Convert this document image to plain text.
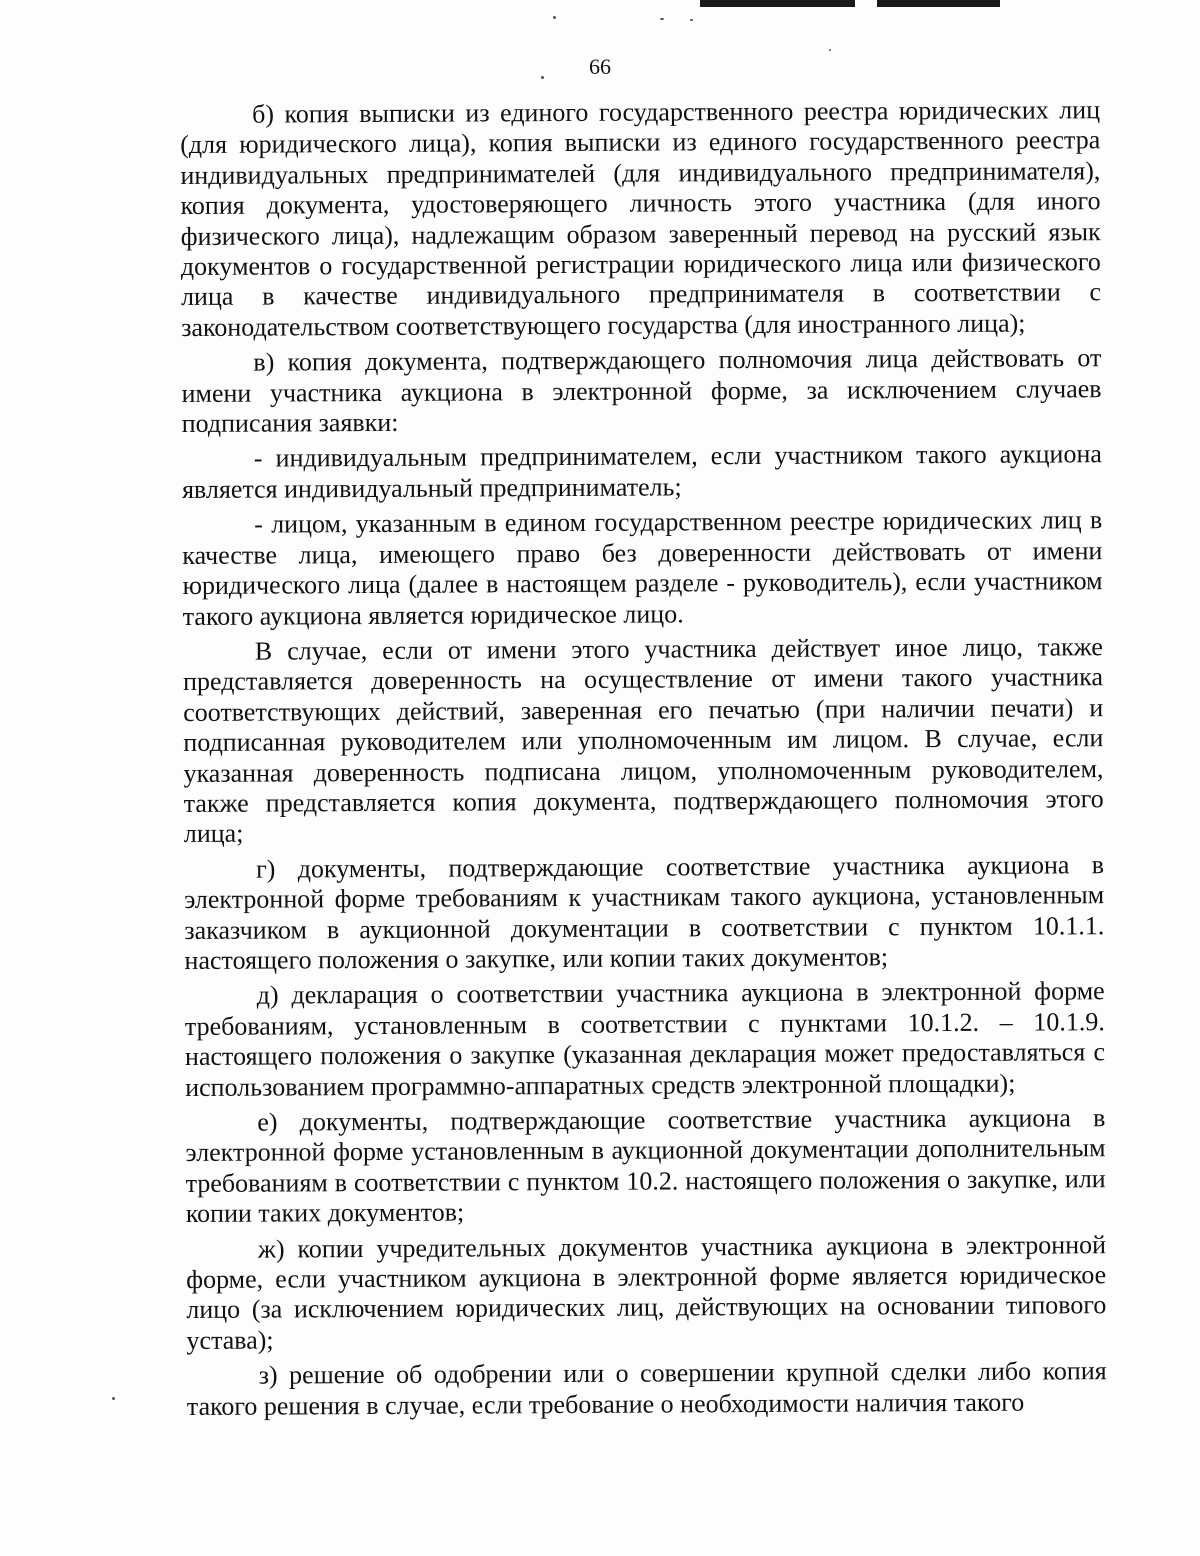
66

б) копия выписки из единого государственного реестра юридических лиц (для юридического лица), копия выписки из единого государственного реестра индивидуальных предпринимателей (для индивидуального предпринимателя), копия документа, удостоверяющего личность этого участника (для иного физического лица), надлежащим образом заверенный перевод на русский язык документов о государственной регистрации юридического лица или физического лица в качестве индивидуального предпринимателя в соответствии с законодательством соответствующего государства (для иностранного лица);

в) копия документа, подтверждающего полномочия лица действовать от имени участника аукциона в электронной форме, за исключением случаев подписания заявки:

- индивидуальным предпринимателем, если участником такого аукциона является индивидуальный предприниматель;

- лицом, указанным в едином государственном реестре юридических лиц в качестве лица, имеющего право без доверенности действовать от имени юридического лица (далее в настоящем разделе - руководитель), если участником такого аукциона является юридическое лицо.

В случае, если от имени этого участника действует иное лицо, также представляется доверенность на осуществление от имени такого участника соответствующих действий, заверенная его печатью (при наличии печати) и подписанная руководителем или уполномоченным им лицом. В случае, если указанная доверенность подписана лицом, уполномоченным руководителем, также представляется копия документа, подтверждающего полномочия этого лица;

г) документы, подтверждающие соответствие участника аукциона в электронной форме требованиям к участникам такого аукциона, установленным заказчиком в аукционной документации в соответствии с пунктом 10.1.1. настоящего положения о закупке, или копии таких документов;

д) декларация о соответствии участника аукциона в электронной форме требованиям, установленным в соответствии с пунктами 10.1.2. – 10.1.9. настоящего положения о закупке (указанная декларация может предоставляться с использованием программно-аппаратных средств электронной площадки);

е) документы, подтверждающие соответствие участника аукциона в электронной форме установленным в аукционной документации дополнительным требованиям в соответствии с пунктом 10.2. настоящего положения о закупке, или копии таких документов;

ж) копии учредительных документов участника аукциона в электронной форме, если участником аукциона в электронной форме является юридическое лицо (за исключением юридических лиц, действующих на основании типового устава);

з) решение об одобрении или о совершении крупной сделки либо копия такого решения в случае, если требование о необходимости наличия такого
